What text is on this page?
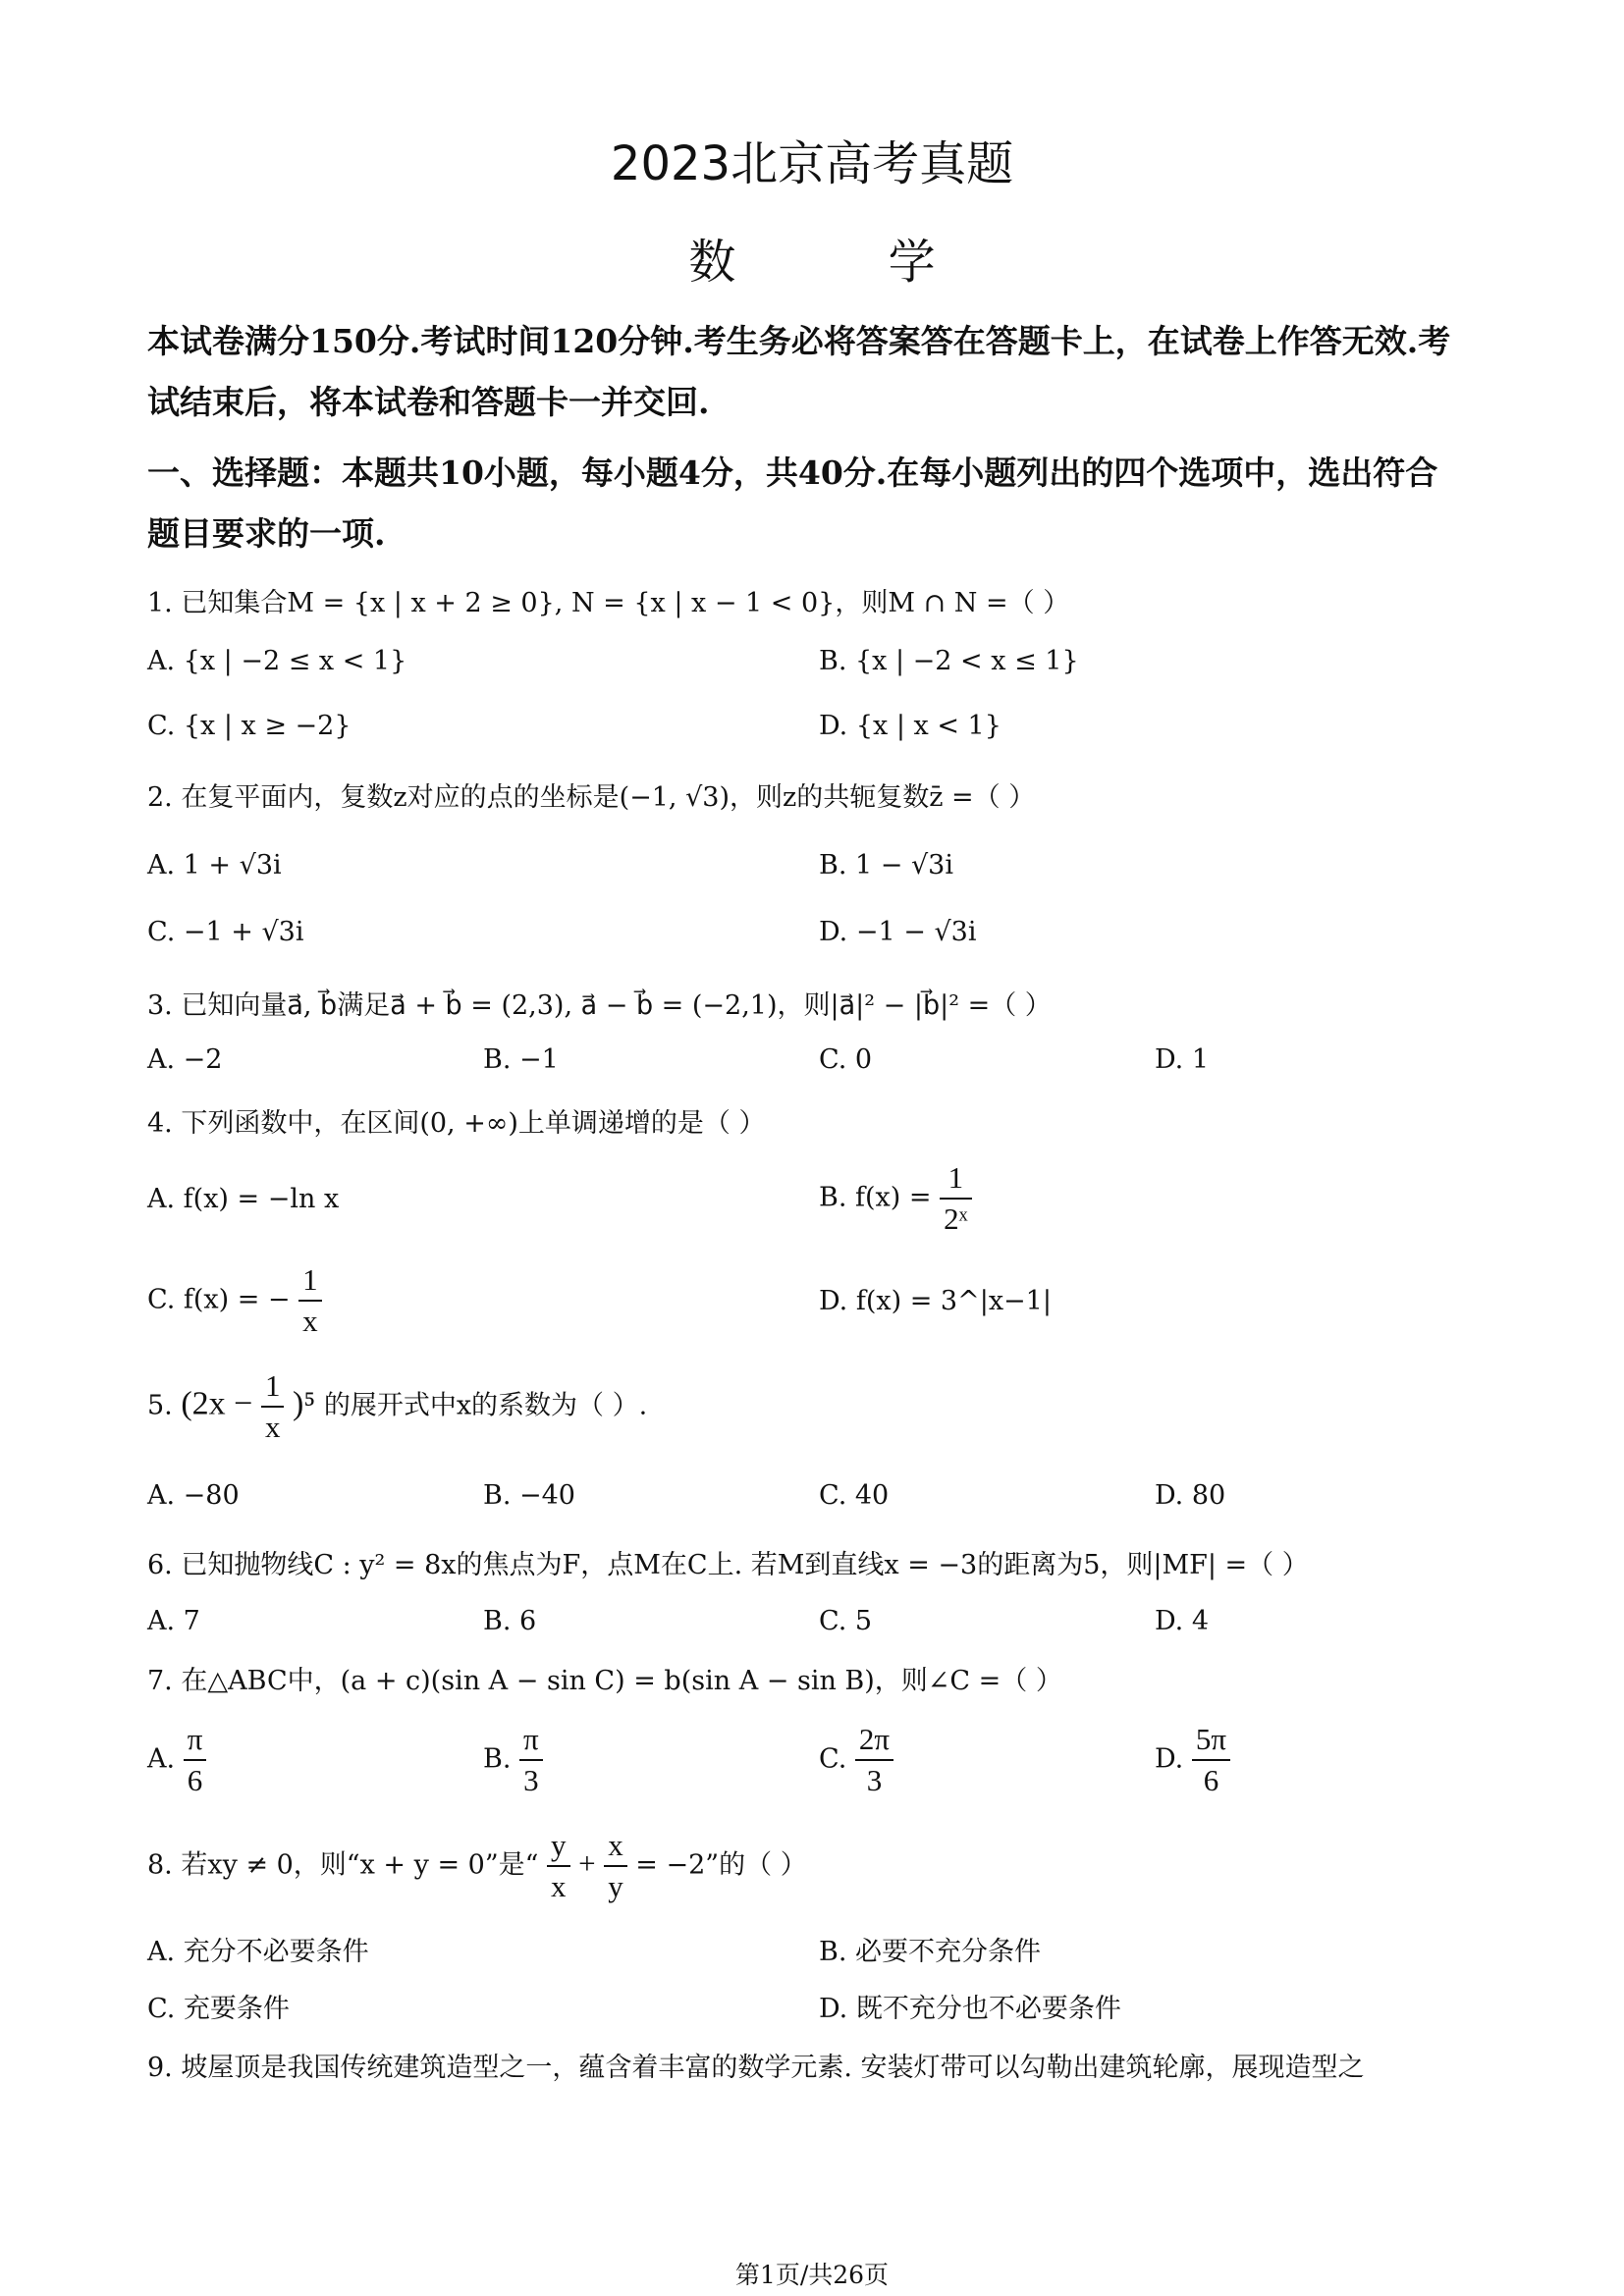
2023北京高考真题
数 学
本试卷满分150分.考试时间120分钟.考生务必将答案答在答题卡上，在试卷上作答无效.考
试结束后，将本试卷和答题卡一并交回.
一、选择题：本题共10小题，每小题4分，共40分.在每小题列出的四个选项中，选出符合
题目要求的一项.
1. 已知集合M = {x | x + 2 ≥ 0}, N = {x | x − 1 < 0}，则M ∩ N =（ ）
A. {x | −2 ≤ x < 1}	B. {x | −2 < x ≤ 1}
C. {x | x ≥ −2}	D. {x | x < 1}
2. 在复平面内，复数z对应的点的坐标是(−1, √3)，则z的共轭复数z̄ =（ ）
A. 1 + √3i	B. 1 − √3i
C. −1 + √3i	D. −1 − √3i
3. 已知向量a⃗, b⃗满足a⃗ + b⃗ = (2,3), a⃗ − b⃗ = (−2,1)，则|a⃗|² − |b⃗|² =（ ）
A. −2	B. −1	C. 0	D. 1
4. 下列函数中，在区间(0, +∞)上单调递增的是（ ）
A. f(x) = −ln x	B. $f(x) = \frac{1}{\text{2ˣ}}$
C. f(x) = − $\frac{1}{x}$	D. f(x) = 3^|x−1|
5. $(2x - \frac{1}{x} )^5$ 的展开式中x的系数为（ ）.
A. −80	B. −40	C. 40	D. 80
6. 已知抛物线C : y² = 8x的焦点为F，点M在C上. 若M到直线x = −3的距离为5，则|MF| =（ ）
A. 7	B. 6	C. 5	D. 4
7. 在△ABC中，(a + c)(sin A − sin C) = b(sin A − sin B)，则∠C =（ ）
A. $\frac{\pi}{6}$	B. $\frac{\pi}{3}$	C. $\frac{2\pi}{3}$	D. $\frac{5\pi}{6}$
8. 若xy ≠ 0，则“x + y = 0”是“ $\frac{y}{x} + \frac{x}{y} = -2$”的（ ）
A. 充分不必要条件	B. 必要不充分条件
C. 充要条件	D. 既不充分也不必要条件
9. 坡屋顶是我国传统建筑造型之一，蕴含着丰富的数学元素. 安装灯带可以勾勒出建筑轮廓，展现造型之
第1页/共26页
